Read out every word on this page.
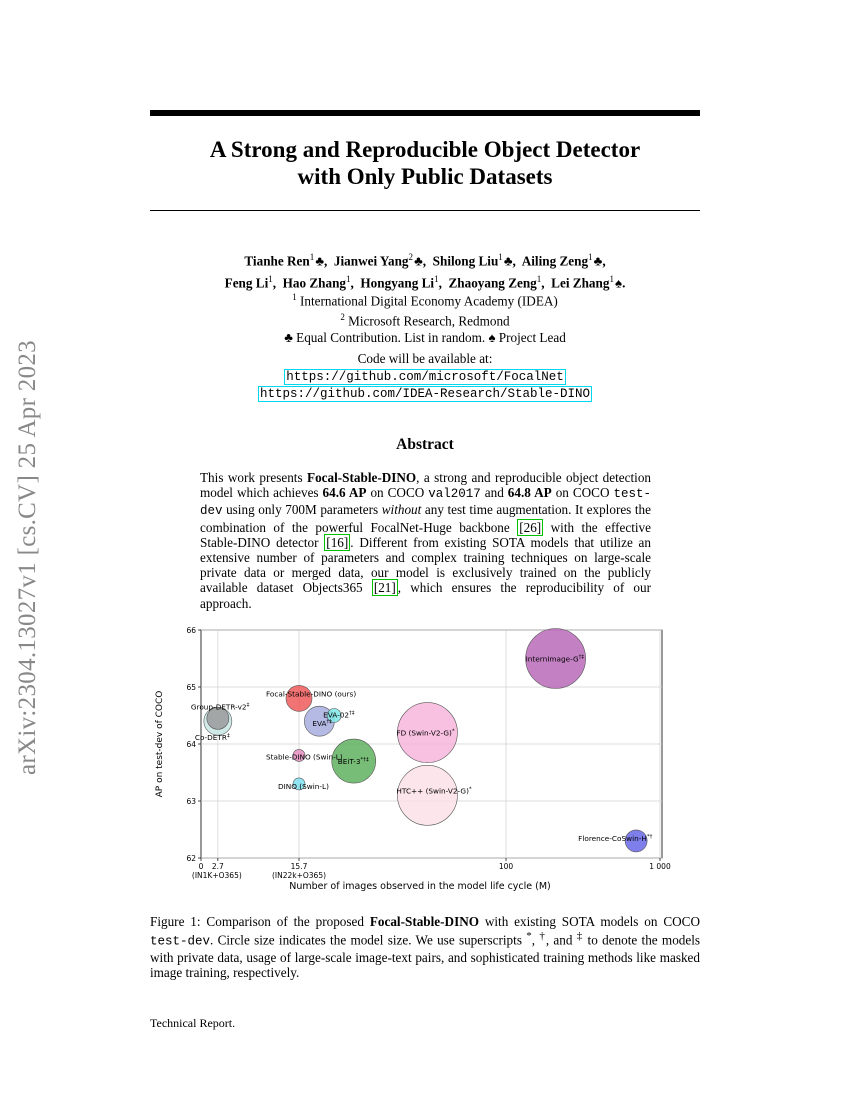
A Strong and Reproducible Object Detector
with Only Public Datasets
Tianhe Ren$^1$ ♣,  Jianwei Yang$^2$ ♣,  Shilong Liu$^1$ ♣,  Ailing Zeng$^1$ ♣,
Feng Li$^1$,  Hao Zhang$^1$,  Hongyang Li$^1$,  Zhaoyang Zeng$^1$,  Lei Zhang$^1$ ♠.
$^1$ International Digital Economy Academy (IDEA)
$^2$ Microsoft Research, Redmond
♣ Equal Contribution. List in random. ♠ Project Lead
Code will be available at:
https://github.com/microsoft/FocalNet
https://github.com/IDEA-Research/Stable-DINO
arXiv:2304.13027v1 [cs.CV] 25 Apr 2023	Abstract
This work presents Focal-Stable-DINO, a strong and reproducible object detection model which achieves 64.6 AP on COCO val2017 and 64.8 AP on COCO test-dev using only 700M parameters without any test time augmentation. It explores the combination of the powerful FocalNet-Huge backbone [26] with the effective Stable-DINO detector [16] . Different from existing SOTA models that utilize an extensive number of parameters and complex training techniques on large-scale private data or merged data, our model is exclusively trained on the publicly available dataset Objects365 [21] , which ensures the reproducibility of our approach.
62
63
64
65
66
0 2.7	15.7	100	1 000
(IN1K+O365)	(IN22k+O365)
Group-DETR-v2‡
Co-DETR‡
Focal-Stable-DINO (ours)
Stable-DINO (Swin-L)
DINO (Swin-L)
EVA†‡
EVA-02†‡
BEiT-3*†‡
FD (Swin-V2-G)*
HTC++ (Swin-V2-G)*
InternImage-G†‡
Florence-CoSwin-H*†
Number of images observed in the model life cycle (M)
AP on test-dev of COCO
Figure 1: Comparison of the proposed Focal-Stable-DINO with existing SOTA models on COCO test-dev. Circle size indicates the model size. We use superscripts *, †, and ‡ to denote the models with private data, usage of large-scale image-text pairs, and sophisticated training methods like masked image training, respectively.
Technical Report.
